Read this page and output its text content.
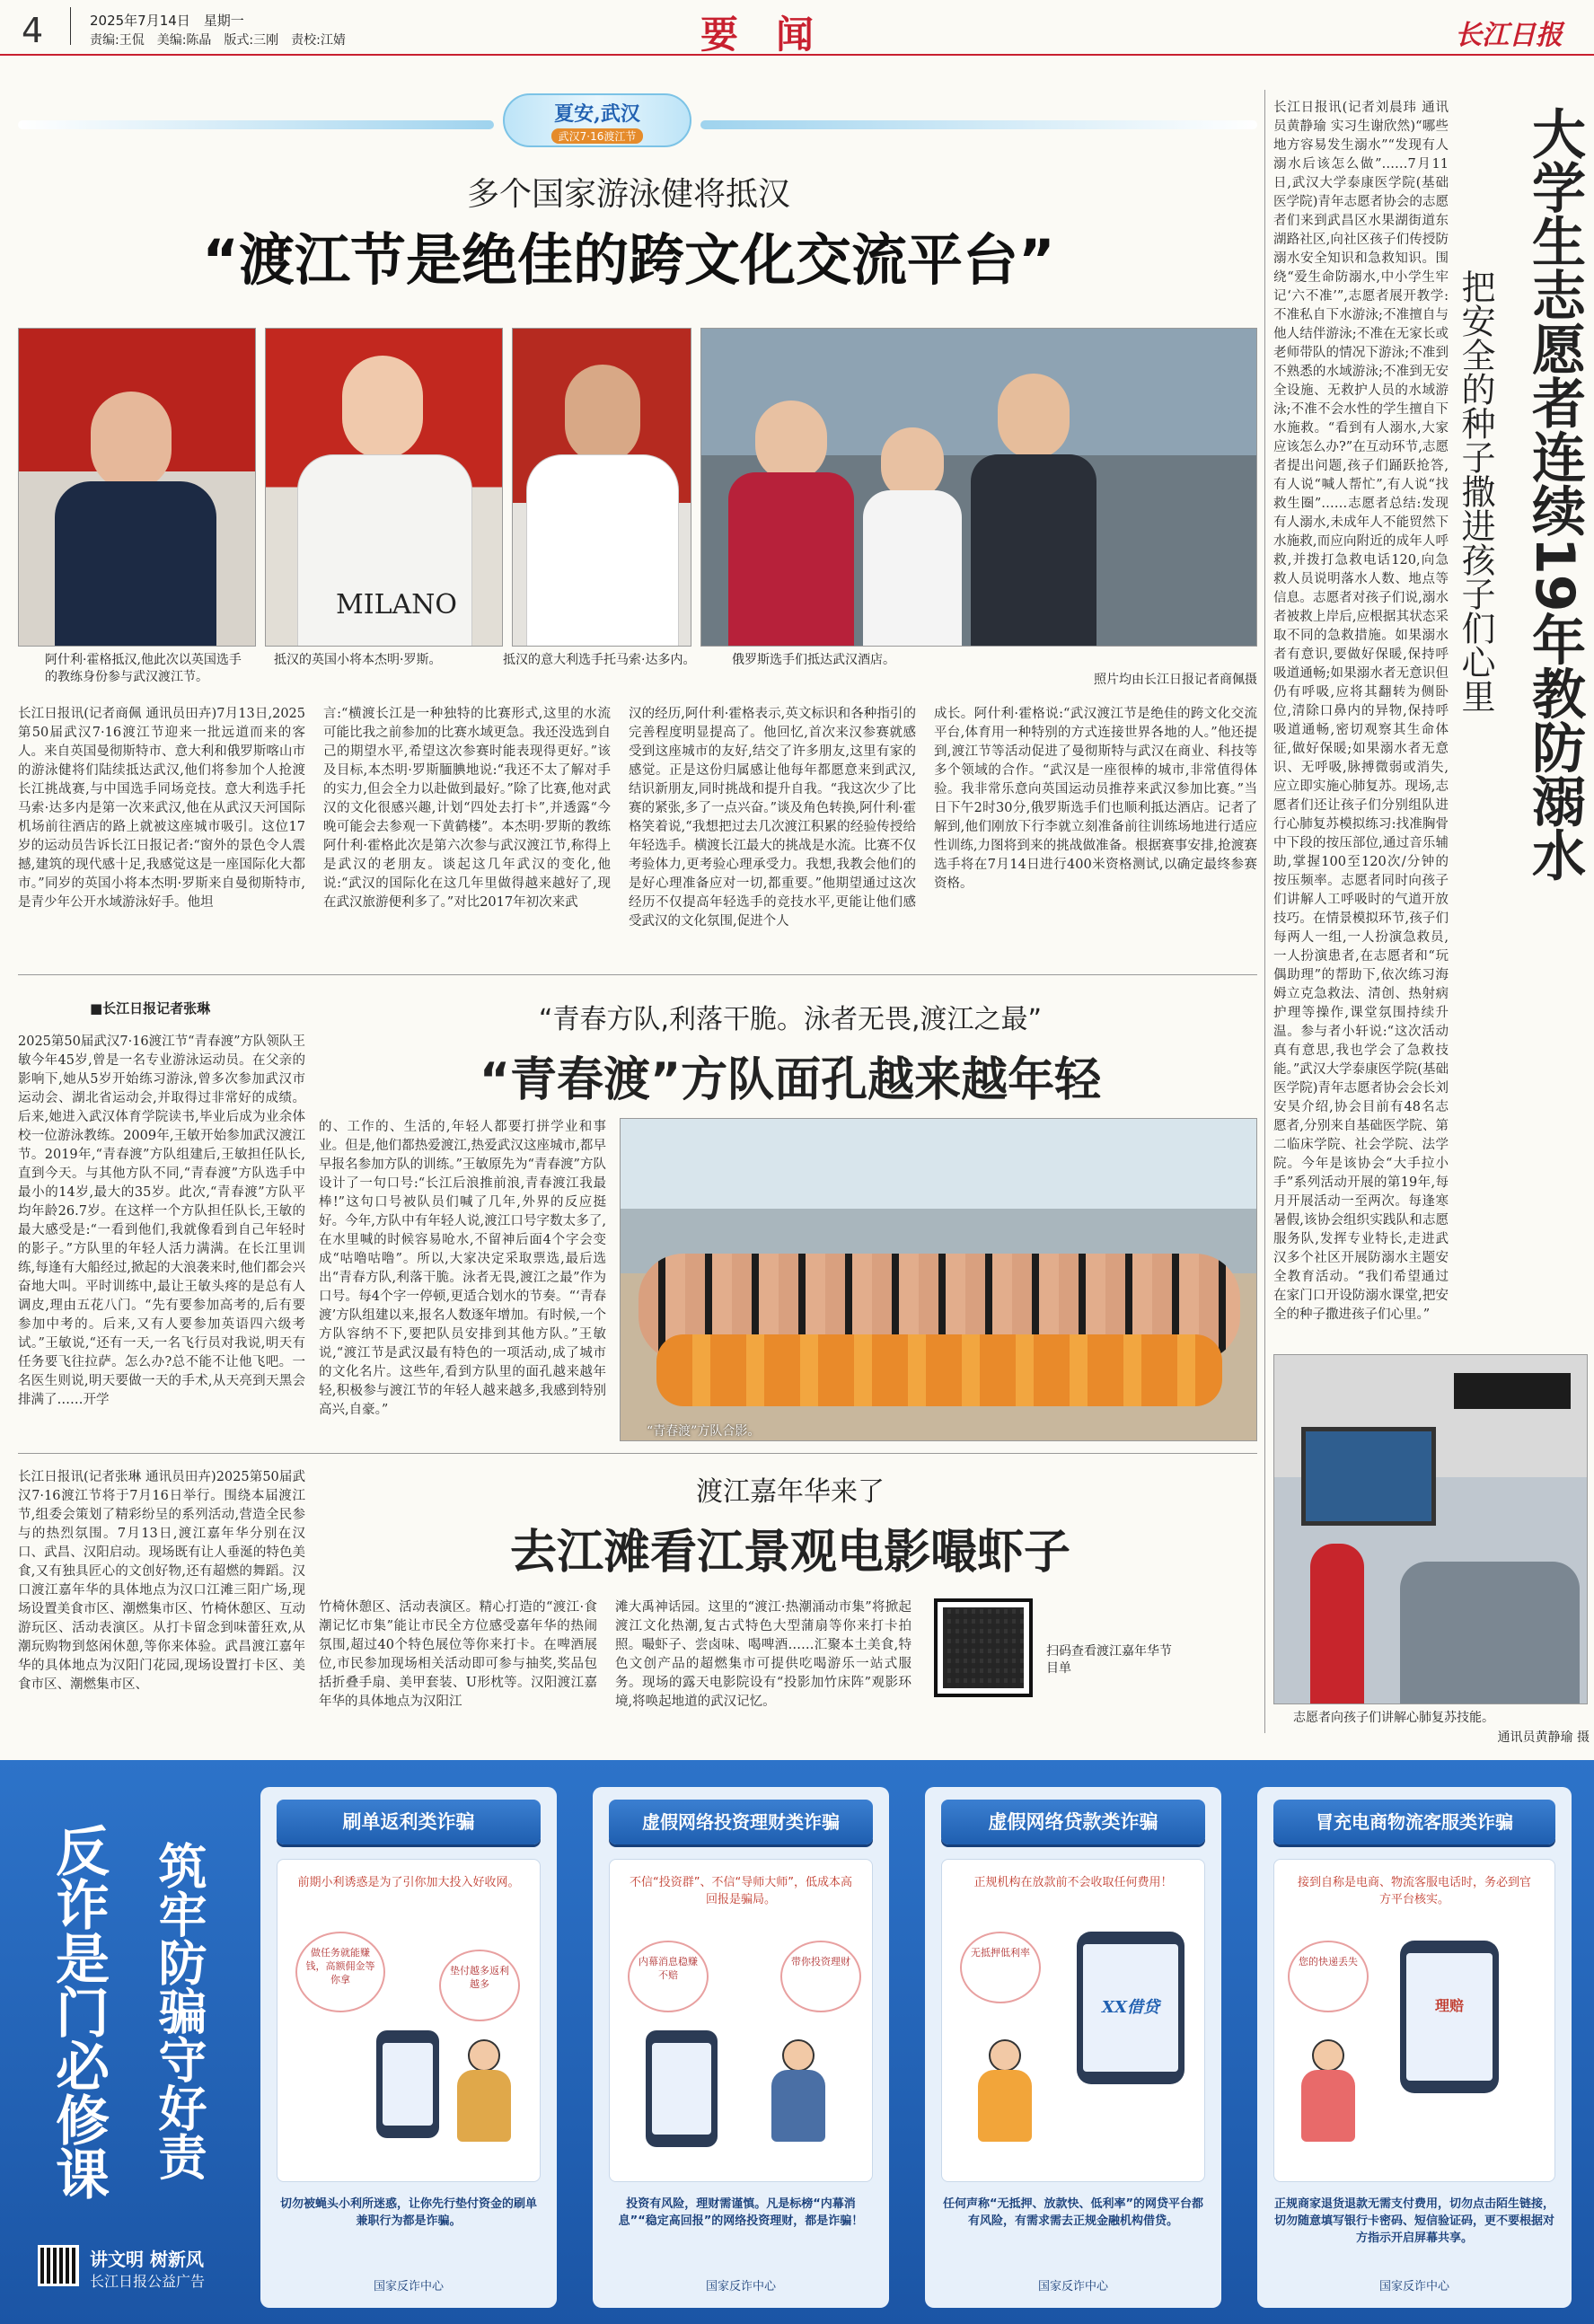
4	2025年7月14日　星期一
责编:王侃　美编:陈晶　版式:三刚　责校:江婧	要　闻	长江日报
夏安,武汉
武汉7·16渡江节
多个国家游泳健将抵汉
“渡江节是绝佳的跨文化交流平台”
MILANO
阿什利·霍格抵汉,他此次以英国选手的教练身份参与武汉渡江节。
抵汉的英国小将本杰明·罗斯。	抵汉的意大利选手托马索·达多内。	俄罗斯选手们抵达武汉酒店。
照片均由长江日报记者商佩摄
长江日报讯(记者商佩 通讯员田卉)7月13日,2025第50届武汉7·16渡江节迎来一批远道而来的客人。来自英国曼彻斯特市、意大利和俄罗斯喀山市的游泳健将们陆续抵达武汉,他们将参加个人抢渡长江挑战赛,与中国选手同场竞技。意大利选手托马索·达多内是第一次来武汉,他在从武汉天河国际机场前往酒店的路上就被这座城市吸引。这位17岁的运动员告诉长江日报记者:“窗外的景色令人震撼,建筑的现代感十足,我感觉这是一座国际化大都市。”同岁的英国小将本杰明·罗斯来自曼彻斯特市,是青少年公开水域游泳好手。他坦
言:“横渡长江是一种独特的比赛形式,这里的水流可能比我之前参加的比赛水域更急。我还没选到自己的期望水平,希望这次参赛时能表现得更好。”该及目标,本杰明·罗斯腼腆地说:“我还不太了解对手的实力,但会全力以赴做到最好。”除了比赛,他对武汉的文化很感兴趣,计划“四处去打卡”,并透露“今晚可能会去参观一下黄鹤楼”。本杰明·罗斯的教练阿什利·霍格此次是第六次参与武汉渡江节,称得上是武汉的老朋友。谈起这几年武汉的变化,他说:“武汉的国际化在这几年里做得越来越好了,现在武汉旅游便利多了。”对比2017年初次来武
汉的经历,阿什利·霍格表示,英文标识和各种指引的完善程度明显提高了。他回忆,首次来汉参赛就感受到这座城市的友好,结交了许多朋友,这里有家的感觉。正是这份归属感让他每年都愿意来到武汉,结识新朋友,同时挑战和提升自我。“我这次少了比赛的紧张,多了一点兴奋。”谈及角色转换,阿什利·霍格笑着说,“我想把过去几次渡江积累的经验传授给年轻选手。横渡长江最大的挑战是水流。比赛不仅考验体力,更考验心理承受力。我想,我教会他们的是好心理准备应对一切,都重要。”他期望通过这次经历不仅提高年轻选手的竞技水平,更能让他们感受武汉的文化氛围,促进个人
成长。阿什利·霍格说:“武汉渡江节是绝佳的跨文化交流平台,体育用一种特别的方式连接世界各地的人。”他还提到,渡江节等活动促进了曼彻斯特与武汉在商业、科技等多个领域的合作。“武汉是一座很棒的城市,非常值得体验。我非常乐意向英国运动员推荐来武汉参加比赛。”当日下午2时30分,俄罗斯选手们也顺利抵达酒店。记者了解到,他们刚放下行李就立刻准备前往训练场地进行适应性训练,力图将到来的挑战做准备。根据赛事安排,抢渡赛选手将在7月14日进行400米资格测试,以确定最终参赛资格。
■长江日报记者张琳	“青春方队,利落干脆。泳者无畏,渡江之最”
“青春渡”方队面孔越来越年轻
2025第50届武汉7·16渡江节“青春渡”方队领队王敏今年45岁,曾是一名专业游泳运动员。在父亲的影响下,她从5岁开始练习游泳,曾多次参加武汉市运动会、湖北省运动会,并取得过非常好的成绩。后来,她进入武汉体育学院读书,毕业后成为业余体校一位游泳教练。2009年,王敏开始参加武汉渡江节。2019年,“青春渡”方队组建后,王敏担任队长,直到今天。与其他方队不同,“青春渡”方队选手中最小的14岁,最大的35岁。此次,“青春渡”方队平均年龄26.7岁。在这样一个方队担任队长,王敏的最大感受是:“一看到他们,我就像看到自己年轻时的影子。”方队里的年轻人活力满满。在长江里训练,每逢有大船经过,掀起的大浪袭来时,他们都会兴奋地大叫。平时训练中,最让王敏头疼的是总有人调皮,理由五花八门。“先有要参加高考的,后有要参加中考的。后来,又有人要参加英语四六级考试。”王敏说,“还有一天,一名飞行员对我说,明天有任务要飞往拉萨。怎么办?总不能不让他飞吧。一名医生则说,明天要做一天的手术,从天亮到天黑会排满了……开学
的、工作的、生活的,年轻人都要打拼学业和事业。但是,他们都热爱渡江,热爱武汉这座城市,都早早报名参加方队的训练。”王敏原先为“青春渡”方队设计了一句口号:“长江后浪推前浪,青春渡江我最棒!”这句口号被队员们喊了几年,外界的反应挺好。今年,方队中有年轻人说,渡江口号字数太多了,在水里喊的时候容易呛水,不留神后面4个字会变成“咕噜咕噜”。所以,大家决定采取票选,最后选出“青春方队,利落干脆。泳者无畏,渡江之最”作为口号。每4个字一停顿,更适合划水的节奏。“‘青春渡’方队组建以来,报名人数逐年增加。有时候,一个方队容纳不下,要把队员安排到其他方队。”王敏说,“渡江节是武汉最有特色的一项活动,成了城市的文化名片。这些年,看到方队里的面孔越来越年轻,积极参与渡江节的年轻人越来越多,我感到特别高兴,自豪。”
“青春渡”方队合影。
渡江嘉年华来了
去江滩看江景观电影嘬虾子
长江日报讯(记者张琳 通讯员田卉)2025第50届武汉7·16渡江节将于7月16日举行。围绕本届渡江节,组委会策划了精彩纷呈的系列活动,营造全民参与的热烈氛围。7月13日,渡江嘉年华分别在汉口、武昌、汉阳启动。现场既有让人垂涎的特色美食,又有独具匠心的文创好物,还有超燃的舞蹈。汉口渡江嘉年华的具体地点为汉口江滩三阳广场,现场设置美食市区、潮燃集市区、竹椅休憩区、互动游玩区、活动表演区。从打卡留念到味蕾狂欢,从潮玩购物到悠闲休憩,等你来体验。武昌渡江嘉年华的具体地点为汉阳门花园,现场设置打卡区、美食市区、潮燃集市区、
竹椅休憩区、活动表演区。精心打造的“渡江·食潮记忆市集”能让市民全方位感受嘉年华的热闹氛围,超过40个特色展位等你来打卡。在啤酒展位,市民参加现场相关活动即可参与抽奖,奖品包括折叠手扇、美甲套装、U形枕等。汉阳渡江嘉年华的具体地点为汉阳江
滩大禹神话园。这里的“渡江·热潮涌动市集”将掀起渡江文化热潮,复古式特色大型蒲扇等你来打卡拍照。嘬虾子、尝卤味、喝啤酒……汇聚本土美食,特色文创产品的超燃集市可提供吃喝游乐一站式服务。现场的露天电影院设有“投影加竹床阵”观影环境,将唤起地道的武汉记忆。
扫码查看渡江嘉年华节目单
大学生志愿者连续19年教防溺水
把安全的种子撒进孩子们心里
长江日报讯(记者刘晨玮 通讯员黄静瑜 实习生谢欣然)“哪些地方容易发生溺水”“发现有人溺水后该怎么做”……7月11日,武汉大学泰康医学院(基础医学院)青年志愿者协会的志愿者们来到武昌区水果湖街道东湖路社区,向社区孩子们传授防溺水安全知识和急救知识。围绕“爱生命防溺水,中小学生牢记‘六不准’”,志愿者展开教学:不准私自下水游泳;不准擅自与他人结伴游泳;不准在无家长或老师带队的情况下游泳;不准到不熟悉的水域游泳;不准到无安全设施、无救护人员的水域游泳;不准不会水性的学生擅自下水施救。“看到有人溺水,大家应该怎么办?”在互动环节,志愿者提出问题,孩子们踊跃抢答,有人说“喊人帮忙”,有人说“找救生圈”……志愿者总结:发现有人溺水,未成年人不能贸然下水施救,而应向附近的成年人呼救,并拨打急救电话120,向急救人员说明落水人数、地点等信息。志愿者对孩子们说,溺水者被救上岸后,应根据其状态采取不同的急救措施。如果溺水者有意识,要做好保暖,保持呼吸道通畅;如果溺水者无意识但仍有呼吸,应将其翻转为侧卧位,清除口鼻内的异物,保持呼吸道通畅,密切观察其生命体征,做好保暖;如果溺水者无意识、无呼吸,脉搏微弱或消失,应立即实施心肺复苏。现场,志愿者们还让孩子们分别组队进行心肺复苏模拟练习:找准胸骨中下段的按压部位,通过音乐辅助,掌握100至120次/分钟的按压频率。志愿者同时向孩子们讲解人工呼吸时的气道开放技巧。在情景模拟环节,孩子们每两人一组,一人扮演急救员,一人扮演患者,在志愿者和“玩偶助理”的帮助下,依次练习海姆立克急救法、清创、热射病护理等操作,课堂氛围持续升温。参与者小轩说:“这次活动真有意思,我也学会了急救技能。”武汉大学泰康医学院(基础医学院)青年志愿者协会会长刘安昊介绍,协会目前有48名志愿者,分别来自基础医学院、第二临床学院、社会学院、法学院。今年是该协会“大手拉小手”系列活动开展的第19年,每月开展活动一至两次。每逢寒暑假,该协会组织实践队和志愿服务队,发挥专业特长,走进武汉多个社区开展防溺水主题安全教育活动。“我们希望通过在家门口开设防溺水课堂,把安全的种子撒进孩子们心里。”
志愿者向孩子们讲解心肺复苏技能。
通讯员黄静瑜 摄
反诈是门必修课 筑牢防骗守好责
讲文明 树新风
长江日报公益广告
刷单返利类诈骗
前期小利诱惑是为了引你加大投入好收网。
做任务就能赚钱，高额佣金等你拿
垫付越多返利越多
切勿被蝇头小利所迷惑，让你先行垫付资金的刷单兼职行为都是诈骗。
国家反诈中心
虚假网络投资理财类诈骗
不信“投资群”、不信“导师大师”，低成本高回报是骗局。
内幕消息稳赚不赔
带你投资理财
投资有风险，理财需谨慎。凡是标榜“内幕消息”“稳定高回报”的网络投资理财，都是诈骗！
国家反诈中心
虚假网络贷款类诈骗
正规机构在放款前不会收取任何费用！
无抵押低利率
XX借贷
任何声称“无抵押、放款快、低利率”的网贷平台都有风险，有需求需去正规金融机构借贷。
国家反诈中心
冒充电商物流客服类诈骗
接到自称是电商、物流客服电话时，务必到官方平台核实。
您的快递丢失
理赔
正规商家退货退款无需支付费用，切勿点击陌生链接，切勿随意填写银行卡密码、短信验证码，更不要根据对方指示开启屏幕共享。
国家反诈中心
